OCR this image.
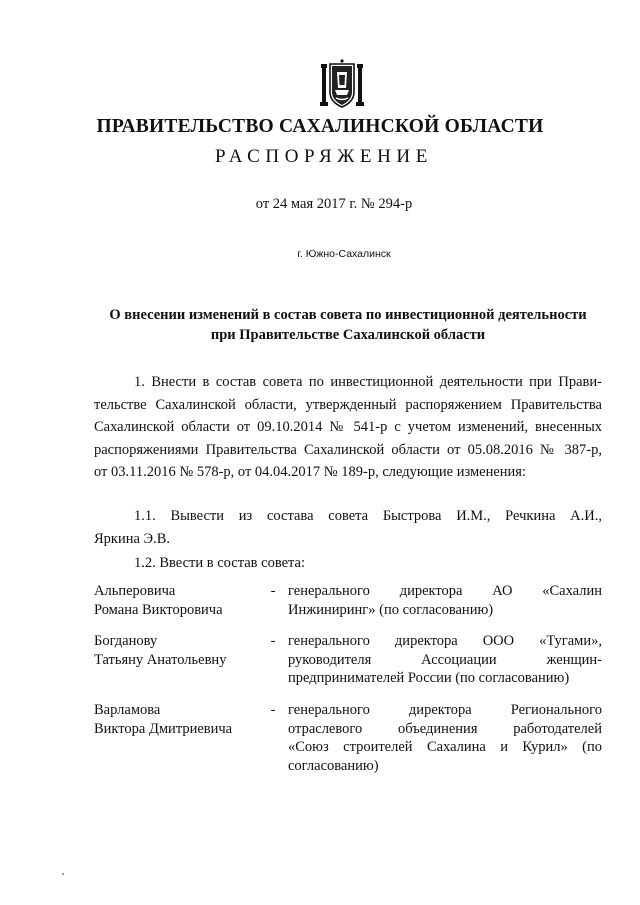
ПРАВИТЕЛЬСТВО САХАЛИНСКОЙ ОБЛАСТИ
РАСПОРЯЖЕНИЕ
от 24 мая 2017 г. № 294-р
г. Южно-Сахалинск
О внесении изменений в состав совета по инвестиционной деятельности
при Правительстве Сахалинской области
1. Внести в состав совета по инвестиционной деятельности при Прави-
тельстве Сахалинской области, утвержденный распоряжением Правительства
Сахалинской области от 09.10.2014 № 541-р с учетом изменений, внесенных
распоряжениями Правительства Сахалинской области от 05.08.2016 № 387-р,
от 03.11.2016 № 578-р, от 04.04.2017 № 189-р, следующие изменения:
1.1. Вывести из состава совета Быстрова И.М., Речкина А.И.,
Яркина Э.В.
1.2. Ввести в состав совета:
Альперовича
Романа Викторовича
- генерального директора АО «Сахалин
Инжиниринг» (по согласованию)
Богданову
Татьяну Анатольевну
- генерального директора ООО «Тугами»,
руководителя Ассоциации женщин-
предпринимателей России (по согласованию)
Варламова
Виктора Дмитриевича
- генерального директора Регионального
отраслевого объединения работодателей
«Союз строителей Сахалина и Курил» (по
согласованию)
